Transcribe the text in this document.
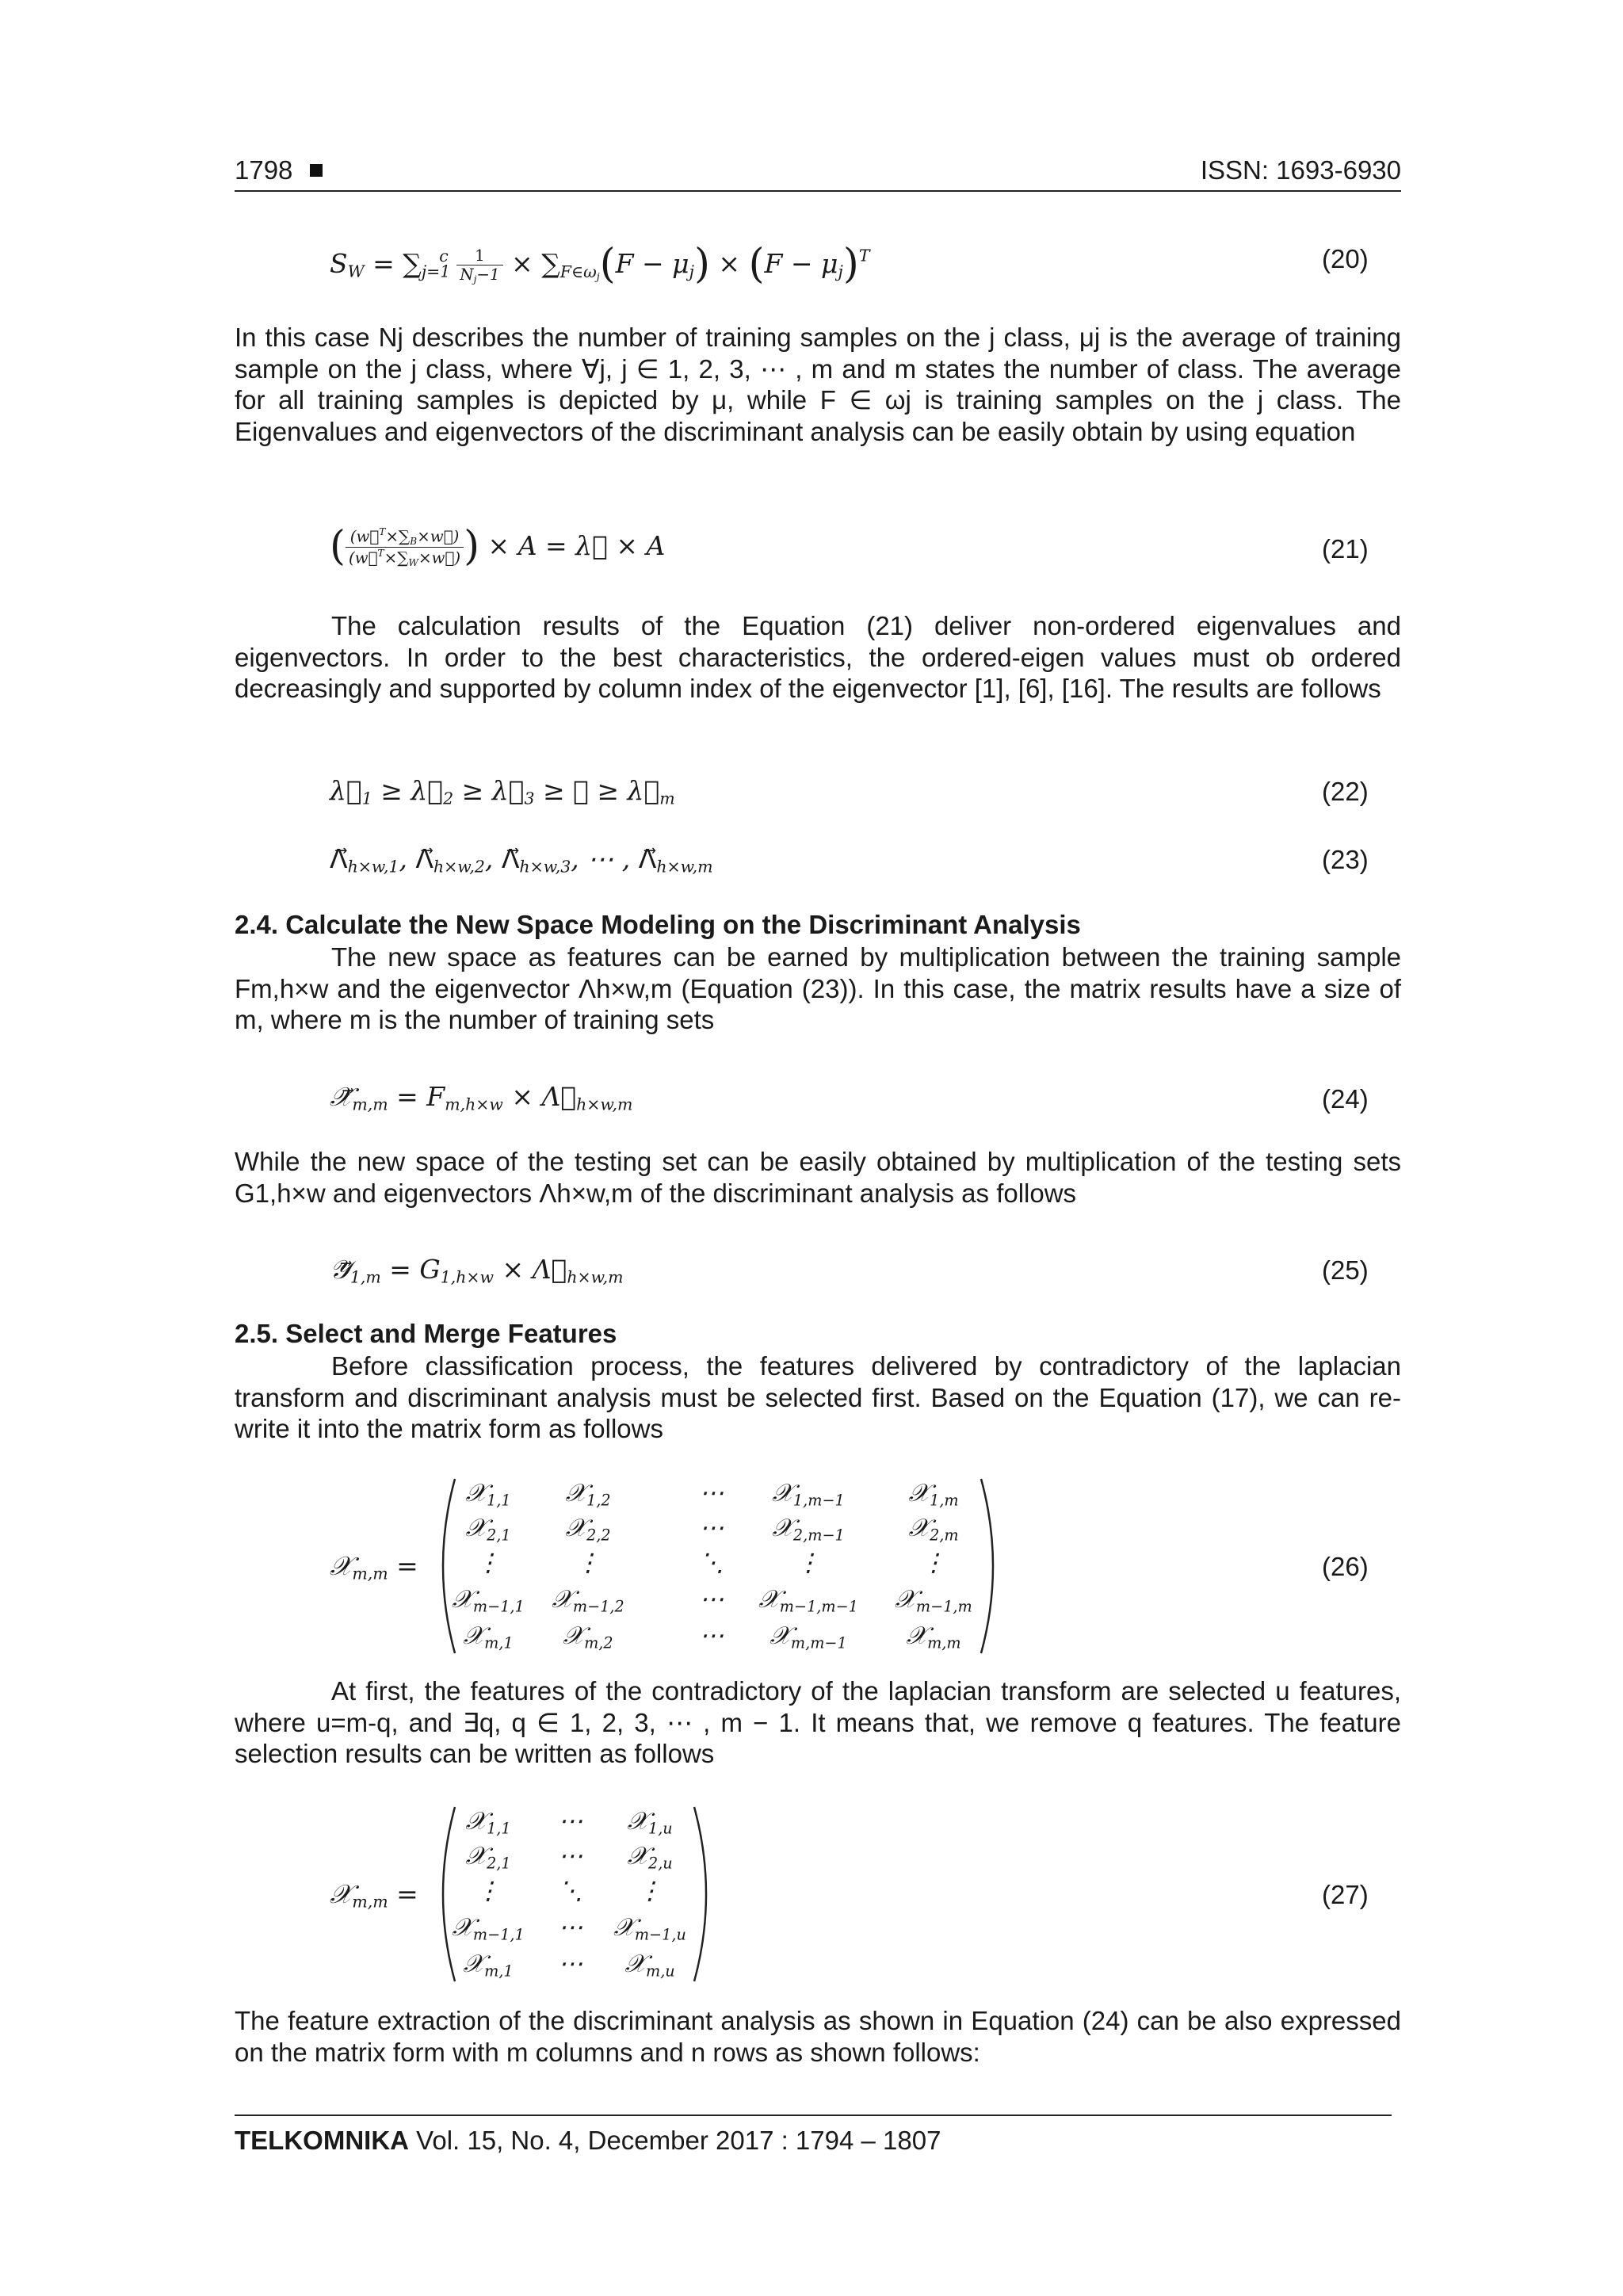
1798	ISSN: 1693-6930
$S_W = \sum_{j=1}^c \frac{1}{N_j-1} \times \sum_{F\in\omega_j}(F - \mu_j) \times (F - \mu_j)^T$	(20)

In this case Nj describes the number of training samples on the j class, μj is the average of training sample on the j class, where ∀j, j ∈ 1, 2, 3, ⋯ , m and m states the number of class. The average for all training samples is depicted by μ, while F ∈ ωj is training samples on the j class. The Eigenvalues and eigenvectors of the discriminant analysis can be easily obtain by using equation

( $\frac{(w⃗^T\times\sum_B\times w⃗)}{(w⃗^T\times\sum_W\times w⃗)}$ ) × A = λ⃗ × A	(21)

The calculation results of the Equation (21) deliver non-ordered eigenvalues and eigenvectors. In order to the best characteristics, the ordered-eigen values must ob ordered decreasingly and supported by column index of the eigenvector [1], [6], [16]. The results are follows

$\lambda⃗_1$ ≥ $\lambda⃗_2$ ≥ $\lambda⃗_3$ ≥ ⋯ ≥ $\lambda⃗_m$	(22)
$\Lambda⃗_{h\times w,1}$, $\Lambda⃗_{h\times w,2}$, $\Lambda⃗_{h\times w,3}$, ⋯ , $\Lambda⃗_{h\times w,m}$	(23)

2.4. Calculate the New Space Modeling on the Discriminant Analysis

The new space as features can be earned by multiplication between the training sample Fm,h×w and the eigenvector Λh×w,m (Equation (23)). In this case, the matrix results have a size of m, where m is the number of training sets

$𝒳⃗_{m,m} = F_{m,h\times w}$ × $\Lambda⃗_{h\times w,m}$	(24)

While the new space of the testing set can be easily obtained by multiplication of the testing sets G1,h×w and eigenvectors Λh×w,m of the discriminant analysis as follows

$𝒴⃗_{1,m} = G_{1,h\times w}$ × $\Lambda⃗_{h\times w,m}$	(25)

2.5. Select and Merge Features

Before classification process, the features delivered by contradictory of the laplacian transform and discriminant analysis must be selected first. Based on the Equation (17), we can re-write it into the matrix form as follows

𝒳$_{m,m}$ =
𝒳$_{1,1}$ 𝒳$_{1,2}$	⋯ 𝒳$_{1,m-1}$	𝒳$_{1,m}$
𝒳$_{2,1}$ 𝒳$_{2,2}$	⋯ 𝒳$_{2,m-1}$	𝒳$_{2,m}$
⋮	⋮	⋱	⋮	⋮
𝒳$_{m-1,1}$ 𝒳$_{m-1,2}$	⋯ 𝒳$_{m-1,m-1}$ 𝒳$_{m-1,m}$
𝒳$_{m,1}$ 𝒳$_{m,2}$	⋯ 𝒳$_{m,m-1}$ 𝒳$_{m,m}$
(26)

At first, the features of the contradictory of the laplacian transform are selected u features, where u=m-q, and ∃q, q ∈ 1, 2, 3, ⋯ , m − 1. It means that, we remove q features. The feature selection results can be written as follows

𝒳$_{m,m}$ =
𝒳$_{1,1}$ ⋯ 𝒳$_{1,u}$
𝒳$_{2,1}$ ⋯ 𝒳$_{2,u}$
⋮ ⋱ ⋮
𝒳$_{m-1,1}$ ⋯ 𝒳$_{m-1,u}$
𝒳$_{m,1}$ ⋯ 𝒳$_{m,u}$
(27)

The feature extraction of the discriminant analysis as shown in Equation (24) can be also expressed on the matrix form with m columns and n rows as shown follows:

TELKOMNIKA Vol. 15, No. 4, December 2017 : 1794 – 1807
